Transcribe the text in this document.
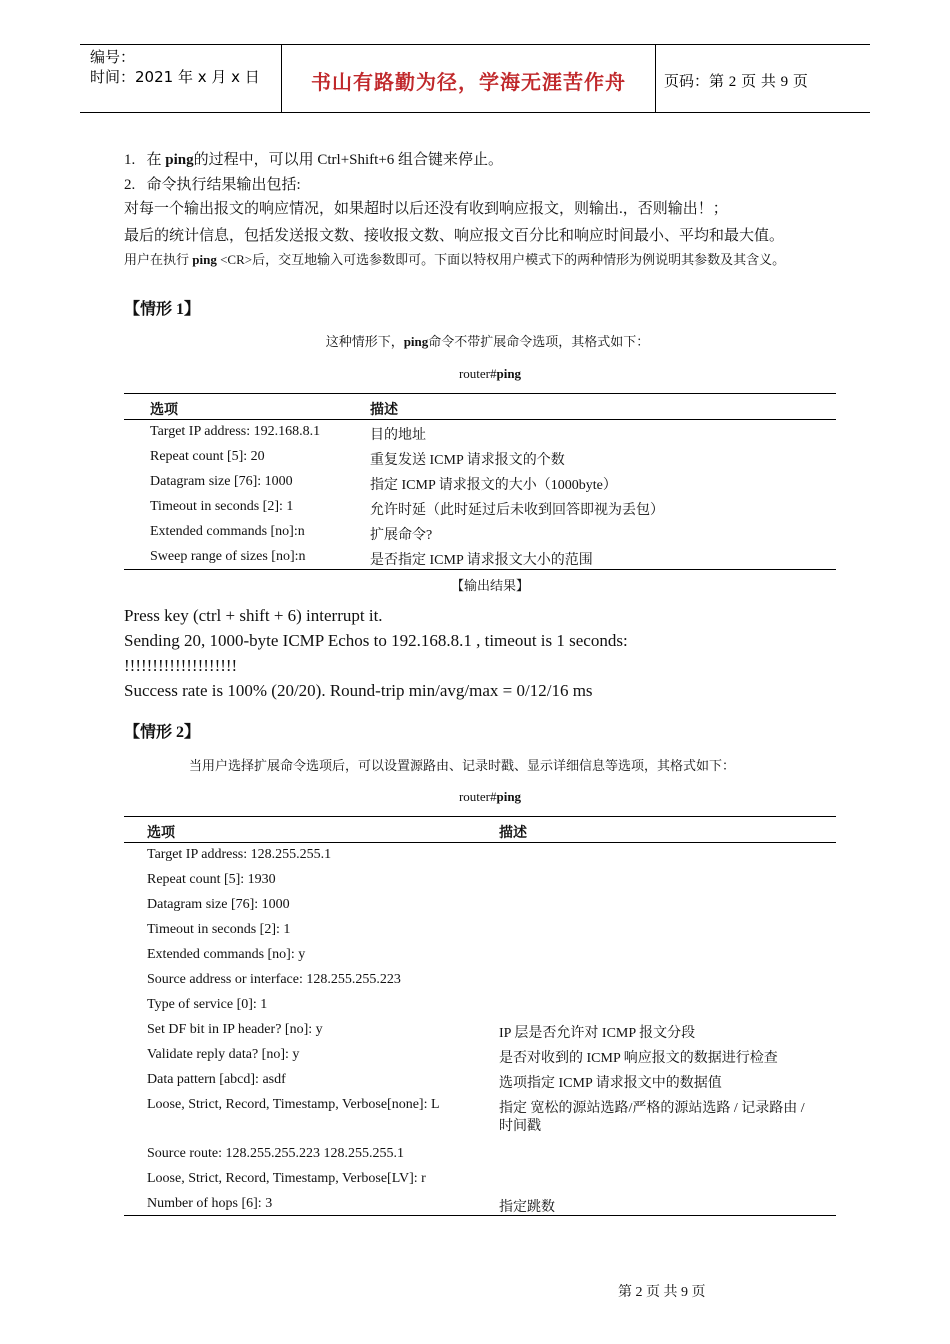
编号：
时间：2021 年 x 月 x 日	书山有路勤为径，学海无涯苦作舟	页码：第 2 页 共 9 页
1. 在 ping的过程中，可以用 Ctrl+Shift+6 组合键来停止。
2. 命令执行结果输出包括:
对每一个输出报文的响应情况，如果超时以后还没有收到响应报文，则输出.，否则输出！；
最后的统计信息，包括发送报文数、接收报文数、响应报文百分比和响应时间最小、平均和最大值。
用户在执行 ping <CR>后，交互地输入可选参数即可。下面以特权用户模式下的两种情形为例说明其参数及其含义。
【情形 1】
这种情形下，ping命令不带扩展命令选项，其格式如下：
router#ping
选项	描述
Target IP address: 192.168.8.1	目的地址
Repeat count [5]: 20	重复发送 ICMP 请求报文的个数
Datagram size [76]: 1000	指定 ICMP 请求报文的大小（1000byte）
Timeout in seconds [2]: 1	允许时延（此时延过后未收到回答即视为丢包）
Extended commands [no]:n	扩展命令?
Sweep range of sizes [no]:n	是否指定 ICMP 请求报文大小的范围
【输出结果】
Press key (ctrl + shift + 6) interrupt it.
Sending 20, 1000-byte ICMP Echos to 192.168.8.1 , timeout is 1 seconds:
!!!!!!!!!!!!!!!!!!!!
Success rate is 100% (20/20). Round-trip min/avg/max = 0/12/16 ms
【情形 2】
当用户选择扩展命令选项后，可以设置源路由、记录时戳、显示详细信息等选项，其格式如下：
router#ping
选项	描述
Target IP address: 128.255.255.1
Repeat count [5]: 1930
Datagram size [76]: 1000
Timeout in seconds [2]: 1
Extended commands [no]: y
Source address or interface: 128.255.255.223
Type of service [0]: 1
Set DF bit in IP header? [no]: y	IP 层是否允许对 ICMP 报文分段
Validate reply data? [no]: y	是否对收到的 ICMP 响应报文的数据进行检查
Data pattern [abcd]: asdf	选项指定 ICMP 请求报文中的数据值
Loose, Strict, Record, Timestamp, Verbose[none]: L	指定 宽松的源站选路/严格的源站选路 / 记录路由 /
时间戳
Source route: 128.255.255.223 128.255.255.1
Loose, Strict, Record, Timestamp, Verbose[LV]: r
Number of hops [6]: 3	指定跳数
第 2 页 共 9 页
